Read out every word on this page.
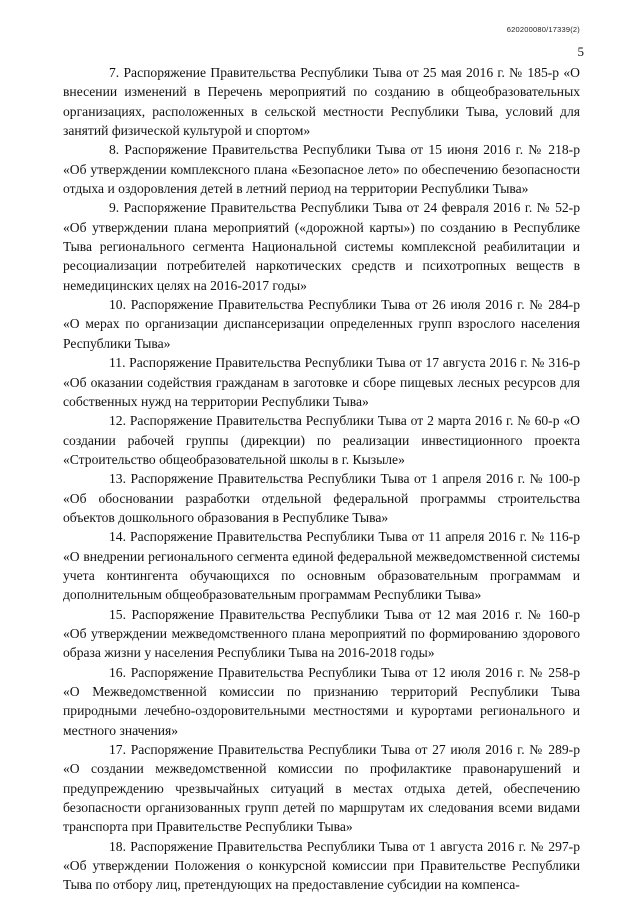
620200080/17339(2)
5

7. Распоряжение Правительства Республики Тыва от 25 мая 2016 г. № 185-р «О внесении изменений в Перечень мероприятий по созданию в общеобразовательных организациях, расположенных в сельской местности Республики Тыва, условий для занятий физической культурой и спортом»

8. Распоряжение Правительства Республики Тыва от 15 июня 2016 г. № 218-р «Об утверждении комплексного плана «Безопасное лето» по обеспечению безопасности отдыха и оздоровления детей в летний период на территории Республики Тыва»

9. Распоряжение Правительства Республики Тыва от 24 февраля 2016 г. № 52-р «Об утверждении плана мероприятий («дорожной карты») по созданию в Республике Тыва регионального сегмента Национальной системы комплексной реабилитации и ресоциализации потребителей наркотических средств и психотропных веществ в немедицинских целях на 2016-2017 годы»

10. Распоряжение Правительства Республики Тыва от 26 июля 2016 г. № 284-р «О мерах по организации диспансеризации определенных групп взрослого населения Республики Тыва»

11. Распоряжение Правительства Республики Тыва от 17 августа 2016 г. № 316-р «Об оказании содействия гражданам в заготовке и сборе пищевых лесных ресурсов для собственных нужд на территории Республики Тыва»

12. Распоряжение Правительства Республики Тыва от 2 марта 2016 г. № 60-р «О создании рабочей группы (дирекции) по реализации инвестиционного проекта «Строительство общеобразовательной школы в г. Кызыле»

13. Распоряжение Правительства Республики Тыва от 1 апреля 2016 г. № 100-р «Об обосновании разработки отдельной федеральной программы строительства объектов дошкольного образования в Республике Тыва»

14. Распоряжение Правительства Республики Тыва от 11 апреля 2016 г. № 116-р «О внедрении регионального сегмента единой федеральной межведомственной системы учета контингента обучающихся по основным образовательным программам и дополнительным общеобразовательным программам Республики Тыва»

15. Распоряжение Правительства Республики Тыва от 12 мая 2016 г. № 160-р «Об утверждении межведомственного плана мероприятий по формированию здорового образа жизни у населения Республики Тыва на 2016-2018 годы»

16. Распоряжение Правительства Республики Тыва от 12 июля 2016 г. № 258-р «О Межведомственной комиссии по признанию территорий Республики Тыва природными лечебно-оздоровительными местностями и курортами регионального и местного значения»

17. Распоряжение Правительства Республики Тыва от 27 июля 2016 г. № 289-р «О создании межведомственной комиссии по профилактике правонарушений и предупреждению чрезвычайных ситуаций в местах отдыха детей, обеспечению безопасности организованных групп детей по маршрутам их следования всеми видами транспорта при Правительстве Республики Тыва»

18. Распоряжение Правительства Республики Тыва от 1 августа 2016 г. № 297-р «Об утверждении Положения о конкурсной комиссии при Правительстве Республики Тыва по отбору лиц, претендующих на предоставление субсидии на компенса-
